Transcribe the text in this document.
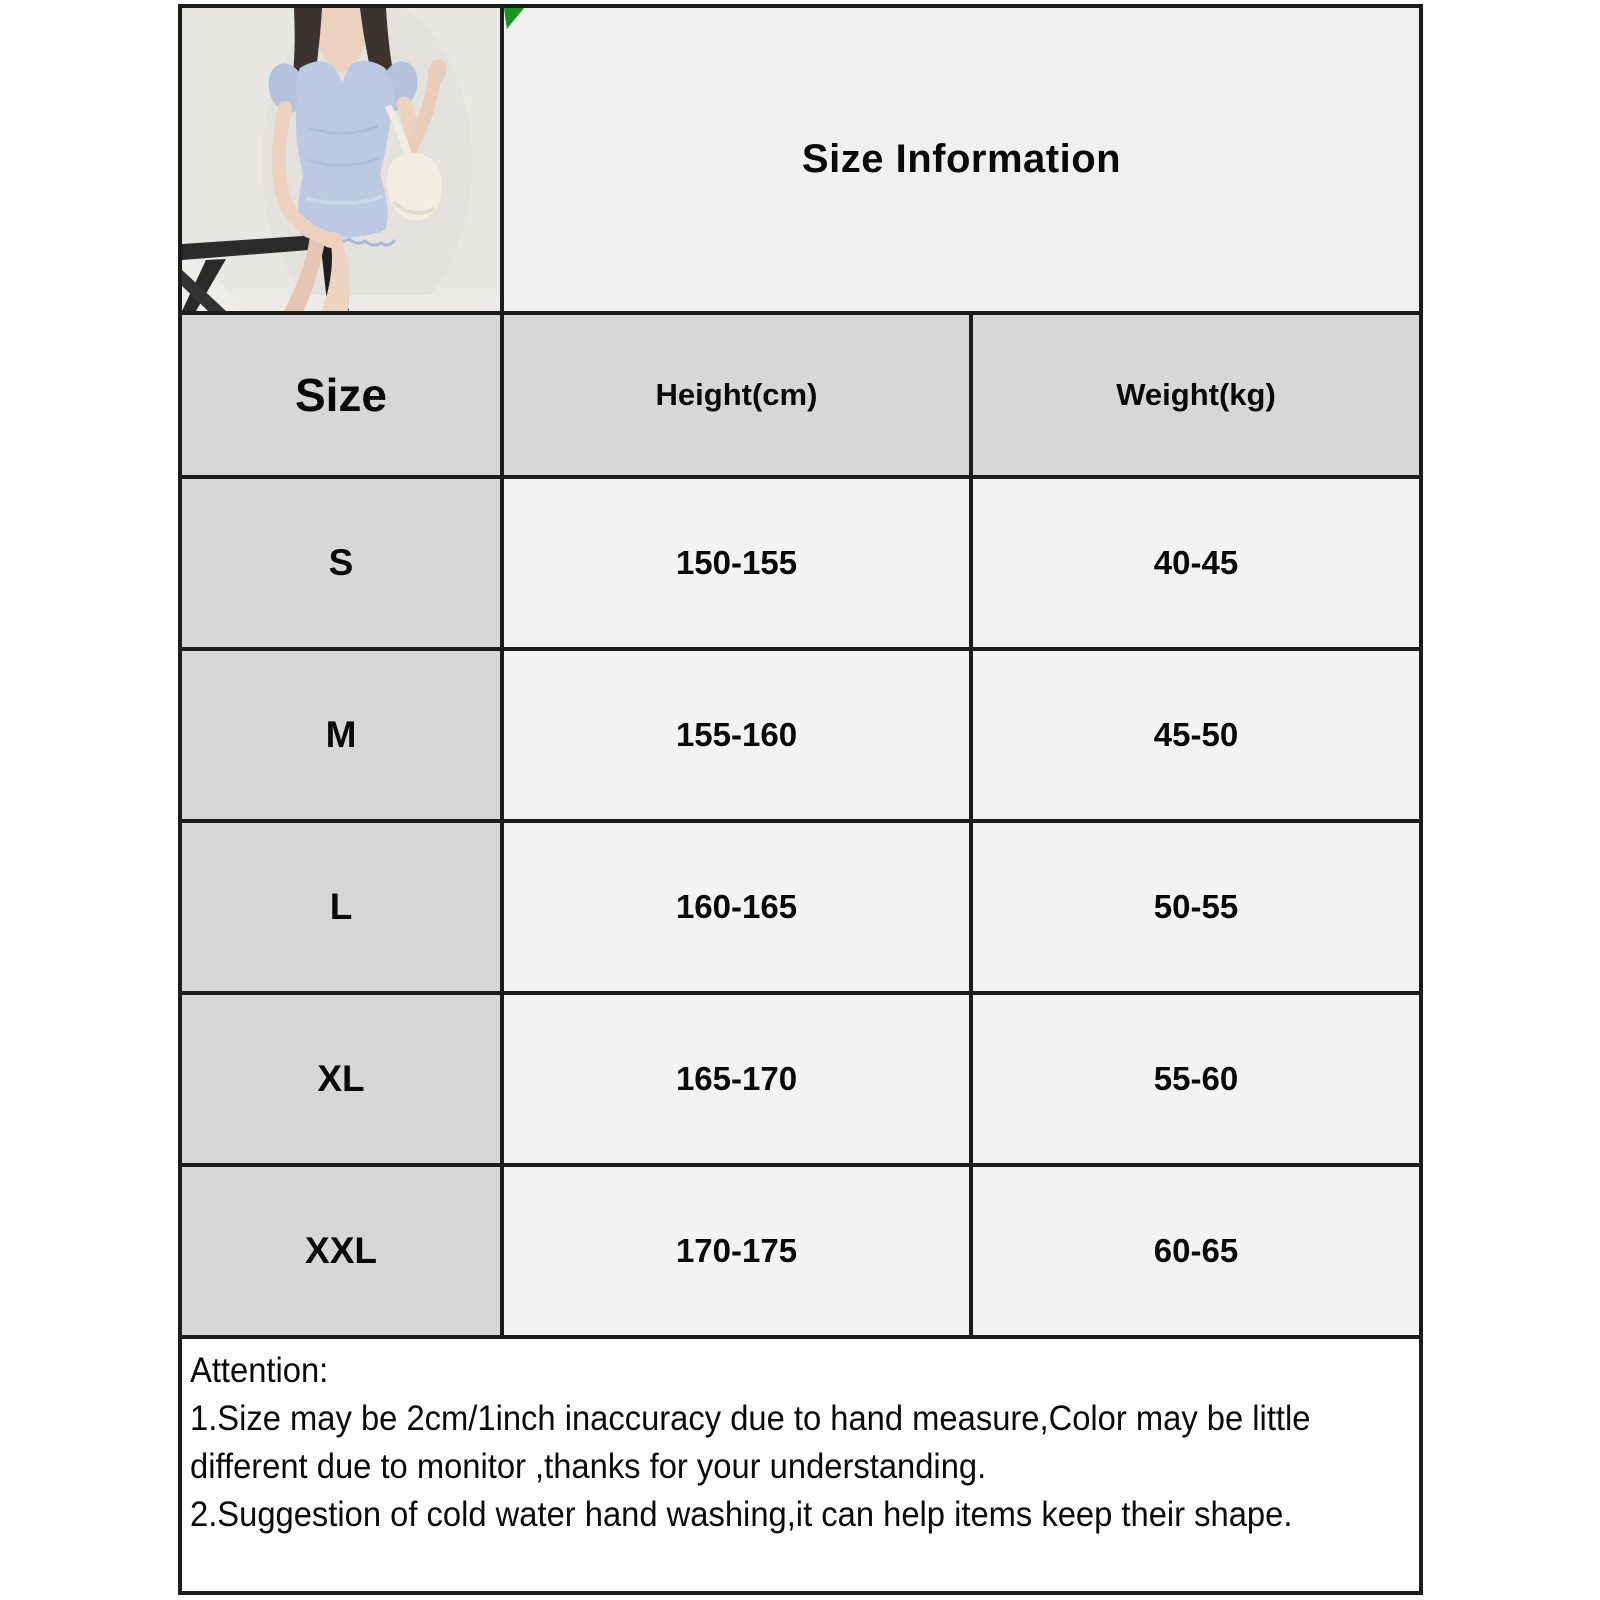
Size Information
Size	Height(cm)	Weight(kg)
S	150-155	40-45
M	155-160	45-50
L	160-165	50-55
XL	165-170	55-60
XXL	170-175	60-65

Attention:

1.Size may be 2cm/1inch inaccuracy due to hand measure,Color may be little different due to monitor ,thanks for your understanding.

2.Suggestion of cold water hand washing,it can help items keep their shape.
